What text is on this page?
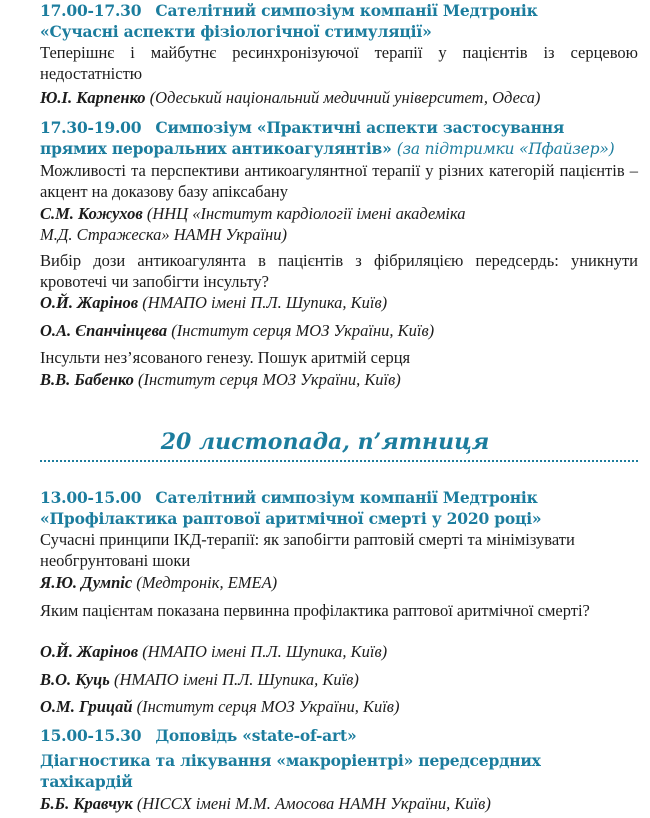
17.00-17.30 Сателітний симпозіум компанії Медтронік
«Сучасні аспекти фізіологічної стимуляції»
Теперішнє і майбутнє ресинхронізуючої терапії у пацієнтів із серцевою недостатністю
Ю.І. Карпенко (Одеський національний медичний університет, Одеса)
17.30-19.00 Симпозіум «Практичні аспекти застосування
прямих пероральних антикоагулянтів» (за підтримки «Пфайзер»)
Можливості та перспективи антикоагулянтної терапії у різних категорій пацієнтів – акцент на доказову базу апіксабану
С.М. Кожухов (ННЦ «Інститут кардіології імені академіка
М.Д. Стражеска» НАМН України)
Вибір дози антикоагулянта в пацієнтів з фібриляцією передсердь: уникнути кровотечі чи запобігти інсульту?
О.Й. Жарінов (НМАПО імені П.Л. Шупика, Київ)
О.А. Єпанчінцева (Інститут серця МОЗ України, Київ)
Інсульти нез’ясованого генезу. Пошук аритмій серця
В.В. Бабенко (Інститут серця МОЗ України, Київ)
20 листопада, п’ятниця
13.00-15.00 Сателітний симпозіум компанії Медтронік
«Профілактика раптової аритмічної смерті у 2020 році»
Сучасні принципи ІКД-терапії: як запобігти раптовій смерті та мінімізувати
необгрунтовані шоки
Я.Ю. Думпіс (Медтронік, EMEA)
Яким пацієнтам показана первинна профілактика раптової аритмічної смерті?
О.Й. Жарінов (НМАПО імені П.Л. Шупика, Київ)
В.О. Куць (НМАПО імені П.Л. Шупика, Київ)
О.М. Грицай (Інститут серця МОЗ України, Київ)
15.00-15.30 Доповідь «state-of-art»
Діагностика та лікування «макроріентрі» передсердних
тахікардій
Б.Б. Кравчук (НІССХ імені М.М. Амосова НАМН України, Київ)
